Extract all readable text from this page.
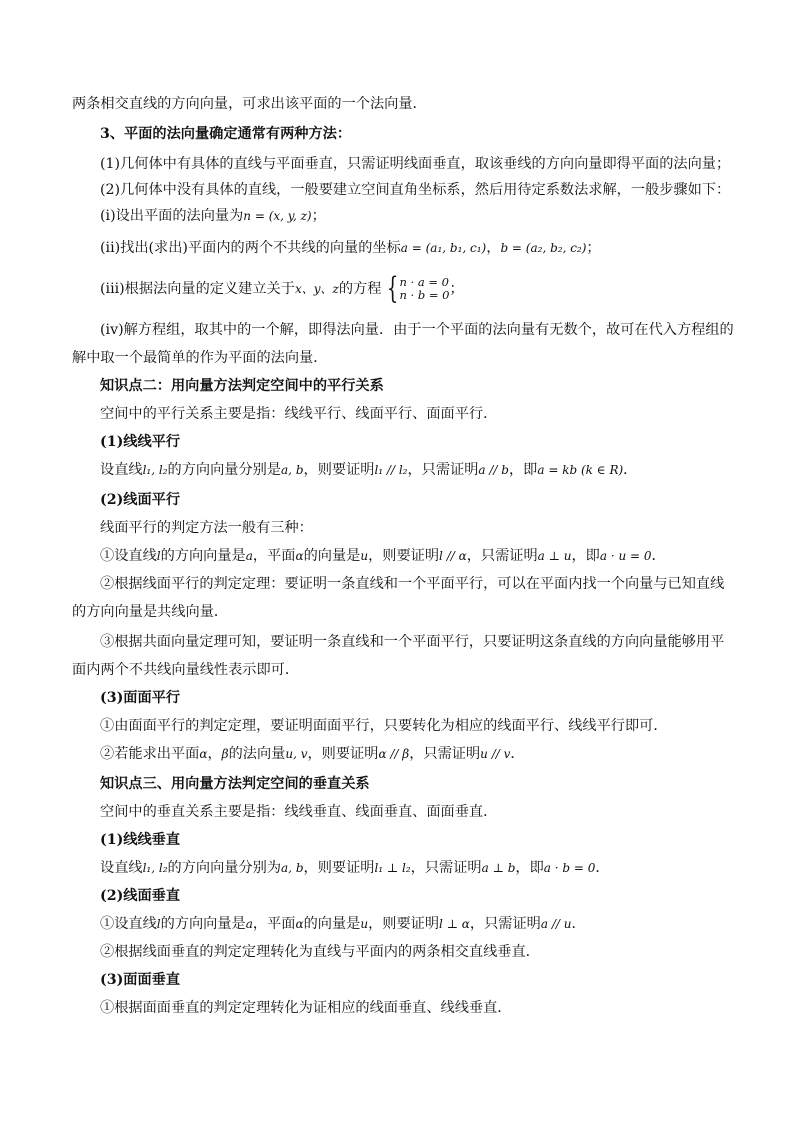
两条相交直线的方向向量，可求出该平面的一个法向量．
3、平面的法向量确定通常有两种方法：
(1)几何体中有具体的直线与平面垂直，只需证明线面垂直，取该垂线的方向向量即得平面的法向量；
(2)几何体中没有具体的直线，一般要建立空间直角坐标系，然后用待定系数法求解，一般步骤如下：
(i)设出平面的法向量为n = (x, y, z)；
(ii)找出(求出)平面内的两个不共线的向量的坐标a = (a₁, b₁, c₁)，b = (a₂, b₂, c₂)；
(iii)根据法向量的定义建立关于x、y、z的方程 {n · a = 0
n · b = 0；
(iv)解方程组，取其中的一个解，即得法向量．由于一个平面的法向量有无数个，故可在代入方程组的
解中取一个最简单的作为平面的法向量．
知识点二：用向量方法判定空间中的平行关系
空间中的平行关系主要是指：线线平行、线面平行、面面平行．
(1)线线平行
设直线l₁, l₂的方向向量分别是a, b，则要证明l₁ // l₂，只需证明a // b，即a = kb (k ∈ R)．
(2)线面平行
线面平行的判定方法一般有三种：
①设直线l的方向向量是a，平面α的向量是u，则要证明l // α，只需证明a ⊥ u，即a · u = 0．
②根据线面平行的判定定理：要证明一条直线和一个平面平行，可以在平面内找一个向量与已知直线
的方向向量是共线向量．
③根据共面向量定理可知，要证明一条直线和一个平面平行，只要证明这条直线的方向向量能够用平
面内两个不共线向量线性表示即可．
(3)面面平行
①由面面平行的判定定理，要证明面面平行，只要转化为相应的线面平行、线线平行即可．
②若能求出平面α，β的法向量u, v，则要证明α // β，只需证明u // v．
知识点三、用向量方法判定空间的垂直关系
空间中的垂直关系主要是指：线线垂直、线面垂直、面面垂直．
(1)线线垂直
设直线l₁, l₂的方向向量分别为a, b，则要证明l₁ ⊥ l₂，只需证明a ⊥ b，即a · b = 0．
(2)线面垂直
①设直线l的方向向量是a，平面α的向量是u，则要证明l ⊥ α，只需证明a // u．
②根据线面垂直的判定定理转化为直线与平面内的两条相交直线垂直．
(3)面面垂直
①根据面面垂直的判定定理转化为证相应的线面垂直、线线垂直．
